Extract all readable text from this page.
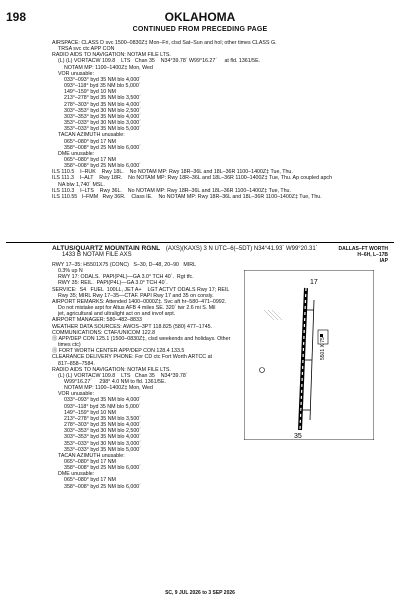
198	OKLAHOMA
CONTINUED FROM PRECEDING PAGE
AIRSPACE: CLASS D svc 1500–0830Z‡ Mon–Fri, clsd Sat–Sun and hol; other times CLASS G.
TRSA svc ctc APP CON
RADIO AIDS TO NAVIGATION: NOTAM FILE LTS.
(L) (L) VORTACW 109.8    LTS   Chan 35    N34°39.78´ W99°16.27´     at fld. 1361/5E.
NOTAM MP: 1100–1400Z‡ Mon, Wed
VOR unusable:
033°–093° byd 35 NM blo 4,000´
093°–118° byd 35 NM blo 5,000´
149°–159° byd 10 NM
213°–278° byd 35 NM blo 3,500´
278°–303° byd 35 NM blo 4,000´
303°–353° byd 30 NM blo 2,500´
303°–353° byd 35 NM blo 4,000´
353°–033° byd 30 NM blo 3,000´
353°–033° byd 35 NM blo 5,000´
TACAN AZIMUTH unusable:
065°–080° byd 17 NM
358°–008° byd 25 NM blo 6,000´
DME unusable:
065°–080° byd 17 NM
358°–008° byd 25 NM blo 6,000´
ILS 110.5    I–RUK    Rwy 18L.    No NOTAM MP: Rwy 18R–36L and 18L–36R 1100–1400Z‡ Tue, Thu.
ILS 111.3    I–ALT    Rwy 18R.    No NOTAM MP: Rwy 18R–36L and 18L–36R 1100–1400Z‡ Tue, Thu. Ap coupled apch
NA blw 1,740´ MSL.
ILS 110.3    I–LTS    Rwy 36L.    No NOTAM MP: Rwy 18R–36L and 18L–36R 1100–1400Z‡ Tue, Thu.
ILS 110.55   I–FMM   Rwy 36R.    Class IE.    No NOTAM MP: Rwy 18R–36L and 18L–36R 1100–1400Z‡ Tue, Thu.
ALTUS/QUARTZ MOUNTAIN RGNL (AXS)(KAXS) 3 N UTC–6(–5DT) N34°41.93´ W99°20.31´
1433 B NOTAM FILE AXS
DALLAS–FT WORTH
H–6H, L–17B
IAP
RWY 17–35: H5501X75 (CONC)   S–30, D–48, 20–90   MIRL
0.3% up N
RWY 17: ODALS.  PAPI(P4L)—GA 3.0° TCH 40´.  Rgt tfc.
RWY 35: REIL.  PAPI(P4L)—GA 3.0° TCH 40´.
SERVICE:  S4   FUEL  100LL, JET A+    LGT ACTVT ODALS Rwy 17; REIL
Rwy 35; MIRL Rwy 17–35—CTAF. PAPI Rwy 17 and 35 on consly.
AIRPORT REMARKS: Attended 1400–0000Z‡. Svc aft hr–580–471–0992.
Do not mistake arpt for Altus AFB 4 miles SE. 320´ twr 2.6 mi S. Mil
jet, agricultural and ultralight act on and invof arpt.
AIRPORT MANAGER: 580–482–8833
WEATHER DATA SOURCES: AWOS–3PT 118.825 (580) 477–1745.
COMMUNICATIONS: CTAF/UNICOM 122.8
Ⓡ APP/DEP CON 125.1 (1500–0830Z‡, clsd weekends and holidays. Other
times ctc)
Ⓡ FORT WORTH CENTER APP/DEP CON 128.4 133.5
CLEARANCE DELIVERY PHONE: For CD ctc Fort Worth ARTCC at
817–858–7584.
RADIO AIDS TO NAVIGATION: NOTAM FILE LTS.
(L) (L) VORTACW 109.8    LTS   Chan 35    N34°39.78´
W99°16.27´     298° 4.0 NM to fld. 1361/5E.
NOTAM MP: 1100–1400Z‡ Mon, Wed
VOR unusable:
033°–093° byd 35 NM blo 4,000´
093°–118° byd 35 NM blo 5,000´
149°–159° byd 10 NM
213°–278° byd 35 NM blo 3,500´
278°–303° byd 35 NM blo 4,000´
303°–353° byd 30 NM blo 2,500´
303°–353° byd 35 NM blo 4,000´
353°–033° byd 30 NM blo 3,000´
353°–033° byd 35 NM blo 5,000´
TACAN AZIMUTH unusable:
065°–080° byd 17 NM
358°–008° byd 25 NM blo 6,000´
DME unusable:
065°–080° byd 17 NM
358°–008° byd 25 NM blo 6,000´
17
35
5501 X 75
SC, 9 JUL 2026 to 3 SEP 2026
